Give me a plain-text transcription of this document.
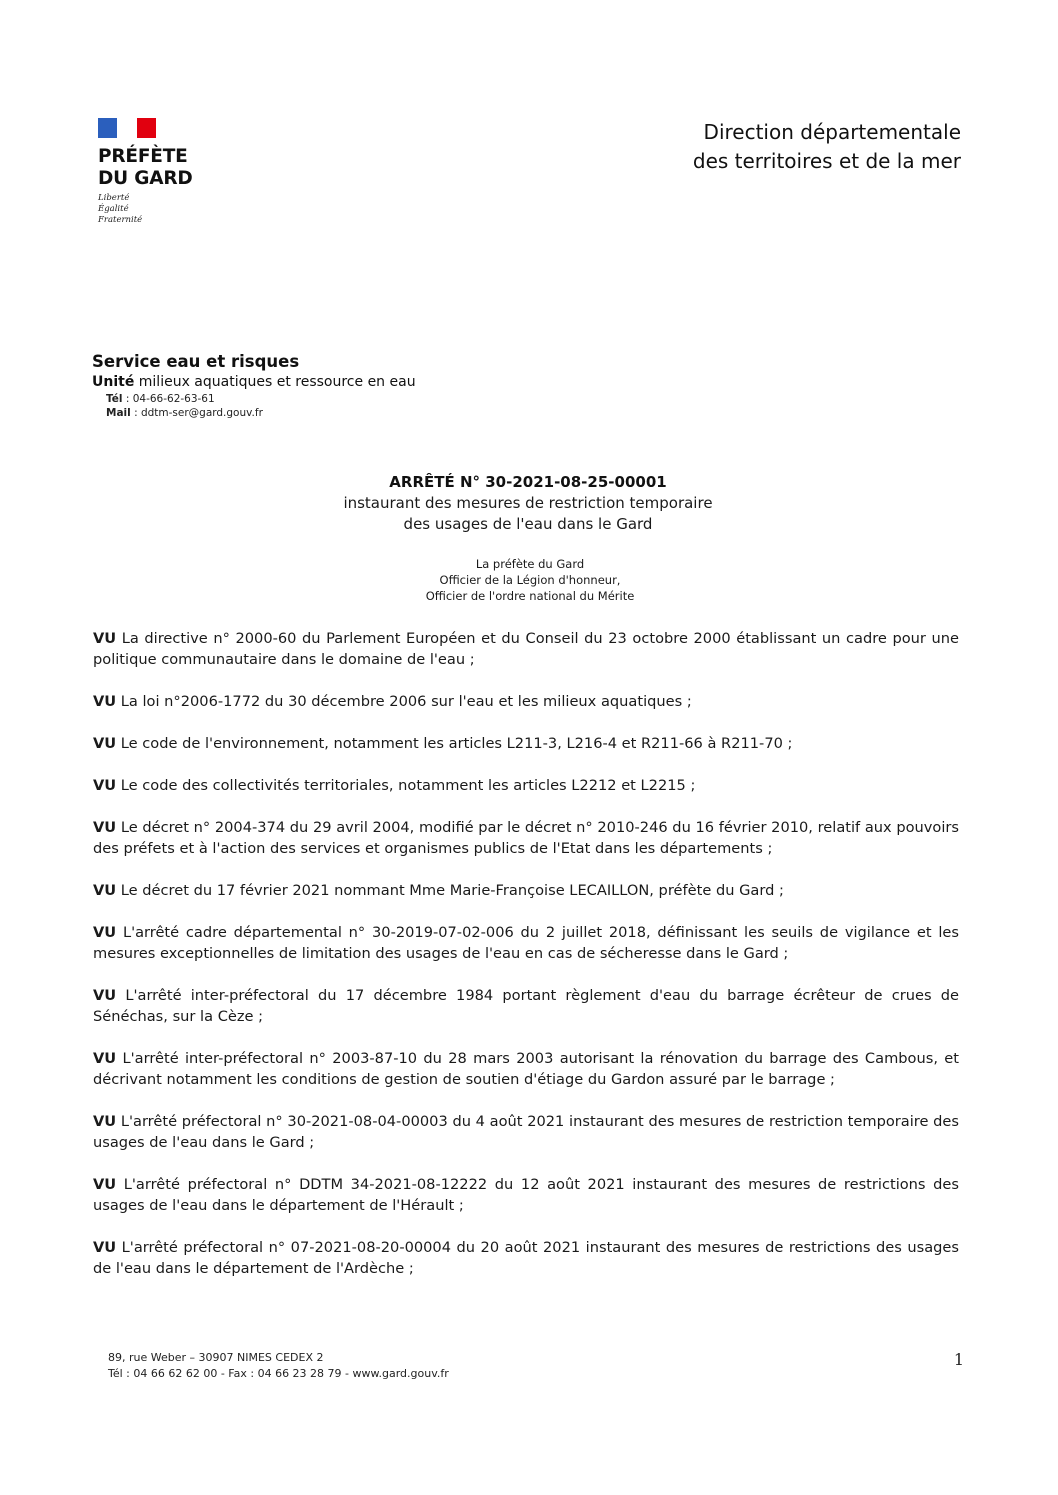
PRÉFÈTE
DU GARD
Liberté
Égalité
Fraternité
Direction départementale
des territoires et de la mer
Service eau et risques
Unité milieux aquatiques et ressource en eau
Tél : 04-66-62-63-61
Mail : ddtm-ser@gard.gouv.fr
ARRÊTÉ N° 30-2021-08-25-00001
instaurant des mesures de restriction temporaire
des usages de l'eau dans le Gard
La préfète du Gard
Officier de la Légion d'honneur,
Officier de l'ordre national du Mérite

VU La directive n° 2000-60 du Parlement Européen et du Conseil du 23 octobre 2000 établissant un cadre pour une politique communautaire dans le domaine de l'eau ;

VU La loi n°2006-1772 du 30 décembre 2006 sur l'eau et les milieux aquatiques ;

VU Le code de l'environnement, notamment les articles L211-3, L216-4 et R211-66 à R211-70 ;

VU Le code des collectivités territoriales, notamment les articles L2212 et L2215 ;

VU Le décret n° 2004-374 du 29 avril 2004, modifié par le décret n° 2010-246 du 16 février 2010, relatif aux pouvoirs des préfets et à l'action des services et organismes publics de l'Etat dans les départements ;

VU Le décret du 17 février 2021 nommant Mme Marie-Françoise LECAILLON, préfète du Gard ;

VU L'arrêté cadre départemental n° 30-2019-07-02-006 du 2 juillet 2018, définissant les seuils de vigilance et les mesures exceptionnelles de limitation des usages de l'eau en cas de sécheresse dans le Gard ;

VU L'arrêté inter-préfectoral du 17 décembre 1984 portant règlement d'eau du barrage écrêteur de crues de Sénéchas, sur la Cèze ;

VU L'arrêté inter-préfectoral n° 2003-87-10 du 28 mars 2003 autorisant la rénovation du barrage des Cambous, et décrivant notamment les conditions de gestion de soutien d'étiage du Gardon assuré par le barrage ;

VU L'arrêté préfectoral n° 30-2021-08-04-00003 du 4 août 2021 instaurant des mesures de restriction temporaire des usages de l'eau dans le Gard ;

VU L'arrêté préfectoral n° DDTM 34-2021-08-12222 du 12 août 2021 instaurant des mesures de restrictions des usages de l'eau dans le département de l'Hérault ;

VU L'arrêté préfectoral n° 07-2021-08-20-00004 du 20 août 2021 instaurant des mesures de restrictions des usages de l'eau dans le département de l'Ardèche ;

89, rue Weber – 30907 NIMES CEDEX 2
Tél : 04 66 62 62 00 - Fax : 04 66 23 28 79 - www.gard.gouv.fr
1
